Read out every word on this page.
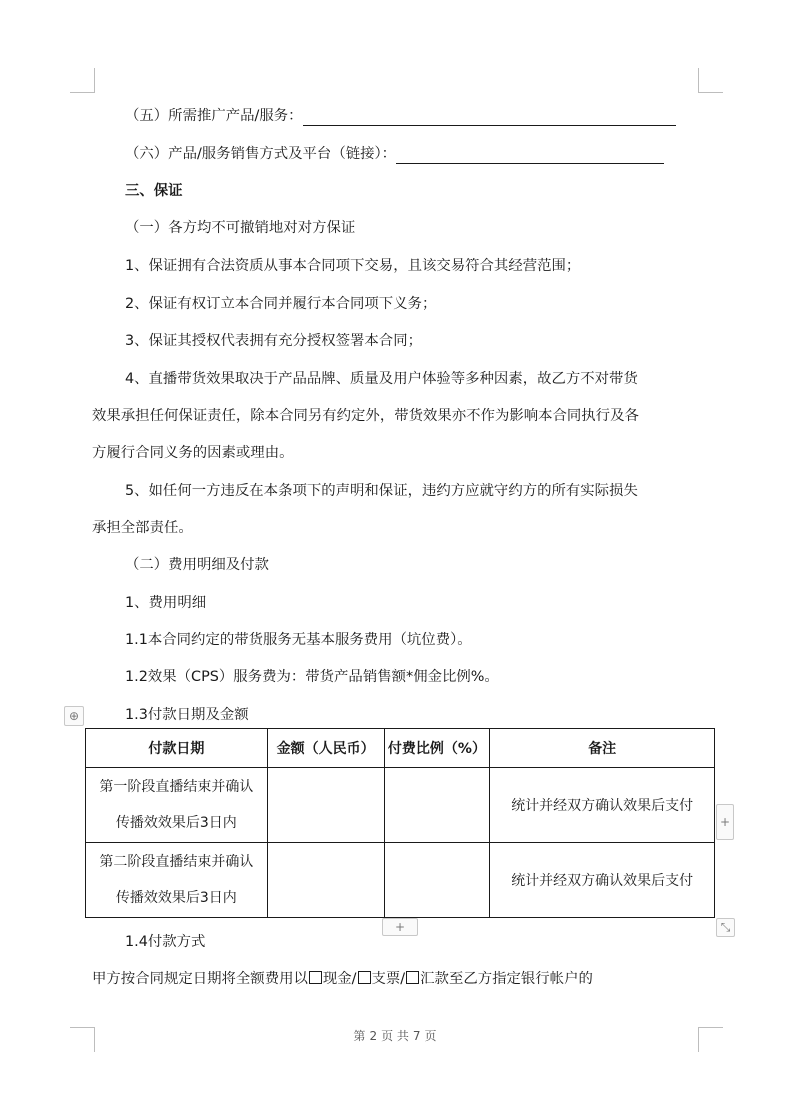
（五）所需推广产品/服务：
（六）产品/服务销售方式及平台（链接）：
三、保证
（一）各方均不可撤销地对对方保证
1、保证拥有合法资质从事本合同项下交易，且该交易符合其经营范围；
2、保证有权订立本合同并履行本合同项下义务；
3、保证其授权代表拥有充分授权签署本合同；
4、直播带货效果取决于产品品牌、质量及用户体验等多种因素，故乙方不对带货
效果承担任何保证责任，除本合同另有约定外，带货效果亦不作为影响本合同执行及各
方履行合同义务的因素或理由。
5、如任何一方违反在本条项下的声明和保证，违约方应就守约方的所有实际损失
承担全部责任。
（二）费用明细及付款
1、费用明细
1.1本合同约定的带货服务无基本服务费用（坑位费）。
1.2效果（CPS）服务费为：带货产品销售额*佣金比例%。
1.3付款日期及金额
⊕
付款日期	金额（人民币）	付费比例（%）	备注

第一阶段直播结束并确认
传播效效果后3日内			统计并经双方确认效果后支付

第二阶段直播结束并确认
传播效效果后3日内			统计并经双方确认效果后支付
+
+	⤡
1.4付款方式
甲方按合同规定日期将全额费用以 现金/ 支票/ 汇款至乙方指定银行帐户的
第 2 页 共 7 页
